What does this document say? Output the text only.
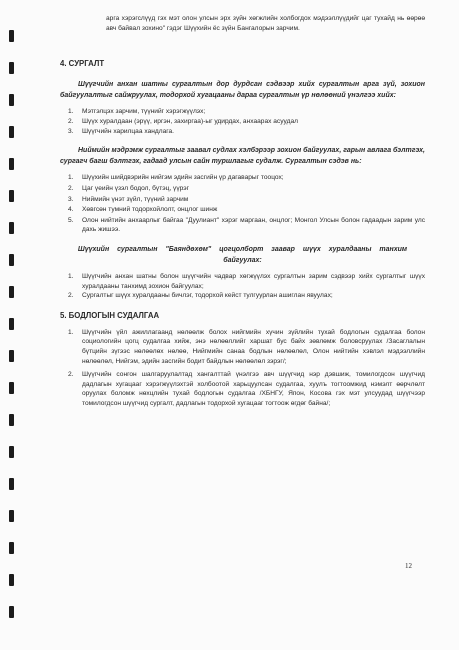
арга хэрэгслүүд гэх мэт олон улсын эрх зүйн хөгжлийн холбогдох мэдээллүүдийг цаг тухайд нь өөрөө авч байвал зохино" гэдэг Шүүхийн ёс зүйн Бангалорын зарчим.

4. СУРГАЛТ

Шүүгчийн анхан шатны сургалтын дор дурдсан сэдвээр хийх сургалтын арга зүй, зохион байгуулалтыг сайжруулах, тодорхой хугацааны дараа сургалтын үр нөлөөний үнэлгээ хийх:

1. Мэтгэлцэх зарчим, түүнийг хэрэгжүүлэх;
2. Шүүх хуралдаан (эрүү, иргэн, захиргаа)-ыг удирдах, анхаарах асуудал
3. Шүүгчийн харилцаа хандлага.

Ниймийн мэдрэмж сургалтыг заавал судлах хэлбэрээр зохион байгуулах, гарын авлага бэлтгэх, сургагч багш бэлтгэх, гадаад улсын сайн туршлагыг судалж. Сургалтын сэдэв нь:

1. Шүүхийн шийдвэрийн нийгэм эдийн засгийн үр дагаварыг тооцох;
2. Цаг үеийн үзэл бодол, бүтэц, үүрэг
3. Ниймийн үнэт зүйл, түүний зарчим
4. Хөвгсөн тумний тодорхойлолт, онцлог шинж
5. Олон нийтийн анхаарлыг байгаа "Дуулиант" хэрэг маргаан, онцлог; Монгол Улсын болон гадаадын зарим улс дахь жишээ.

Шүүхийн сургалтын "Баяндөхөм" цогцолборт заавар шүүх хуралдааны танхим байгуулах:

1. Шүүгчийн анхан шатны болон шүүгчийн чадвар хөгжүүлэх сургалтын зарим сэдвээр хийх сургалтыг шүүх хуралдааны танхимд зохион байгуулах;
2. Сургалтыг шүүх хуралдааны бичлэг, тодорхой кейст тулгуурлан ашиглан явуулах;

5. БОДЛОГЫН СУДАЛГАА

1. Шүүгчийн үйл ажиллагаанд нөлөөлж болох нийгмийн хүчин зүйлийн тухай бодлогын судалгаа болон социологийн цогц судалгаа хийж, энэ нөлөөллийг харшат бус байх зөвлөмж боловсруулах /Засаглалын бүтцийн зүгээс нөлөөлөх нөлөө, Нийгмийн санаа бодлын нөлөөлөл, Олон нийтийн хэвлэл мэдээллийн нөлөөлөл, Нийгэм, эдийн засгийн бодит байдлын нөлөөлөл зэрэг/;
2. Шүүгчийн сонгон шалгаруулалтад хангалттай үнэлгээ авч шүүгчид нэр дэвшиж, томилогдсон шүүгчид дадлагын хугацааг хэрэгжүүлэхтэй холбоотой харьцуулсан судалгаа, хуулъ тогтоомжид нэмэлт өөрчлөлт оруулах боломж нөхцлийн тухай бодлогын судалгаа /ХБНГУ, Япон, Косова гэх мэт улсуудад шүүгчээр томилогдсон шүүгчид сургалт, дадлагын тодорхой хугацааг тогтоож өгдөг байна/;
12
